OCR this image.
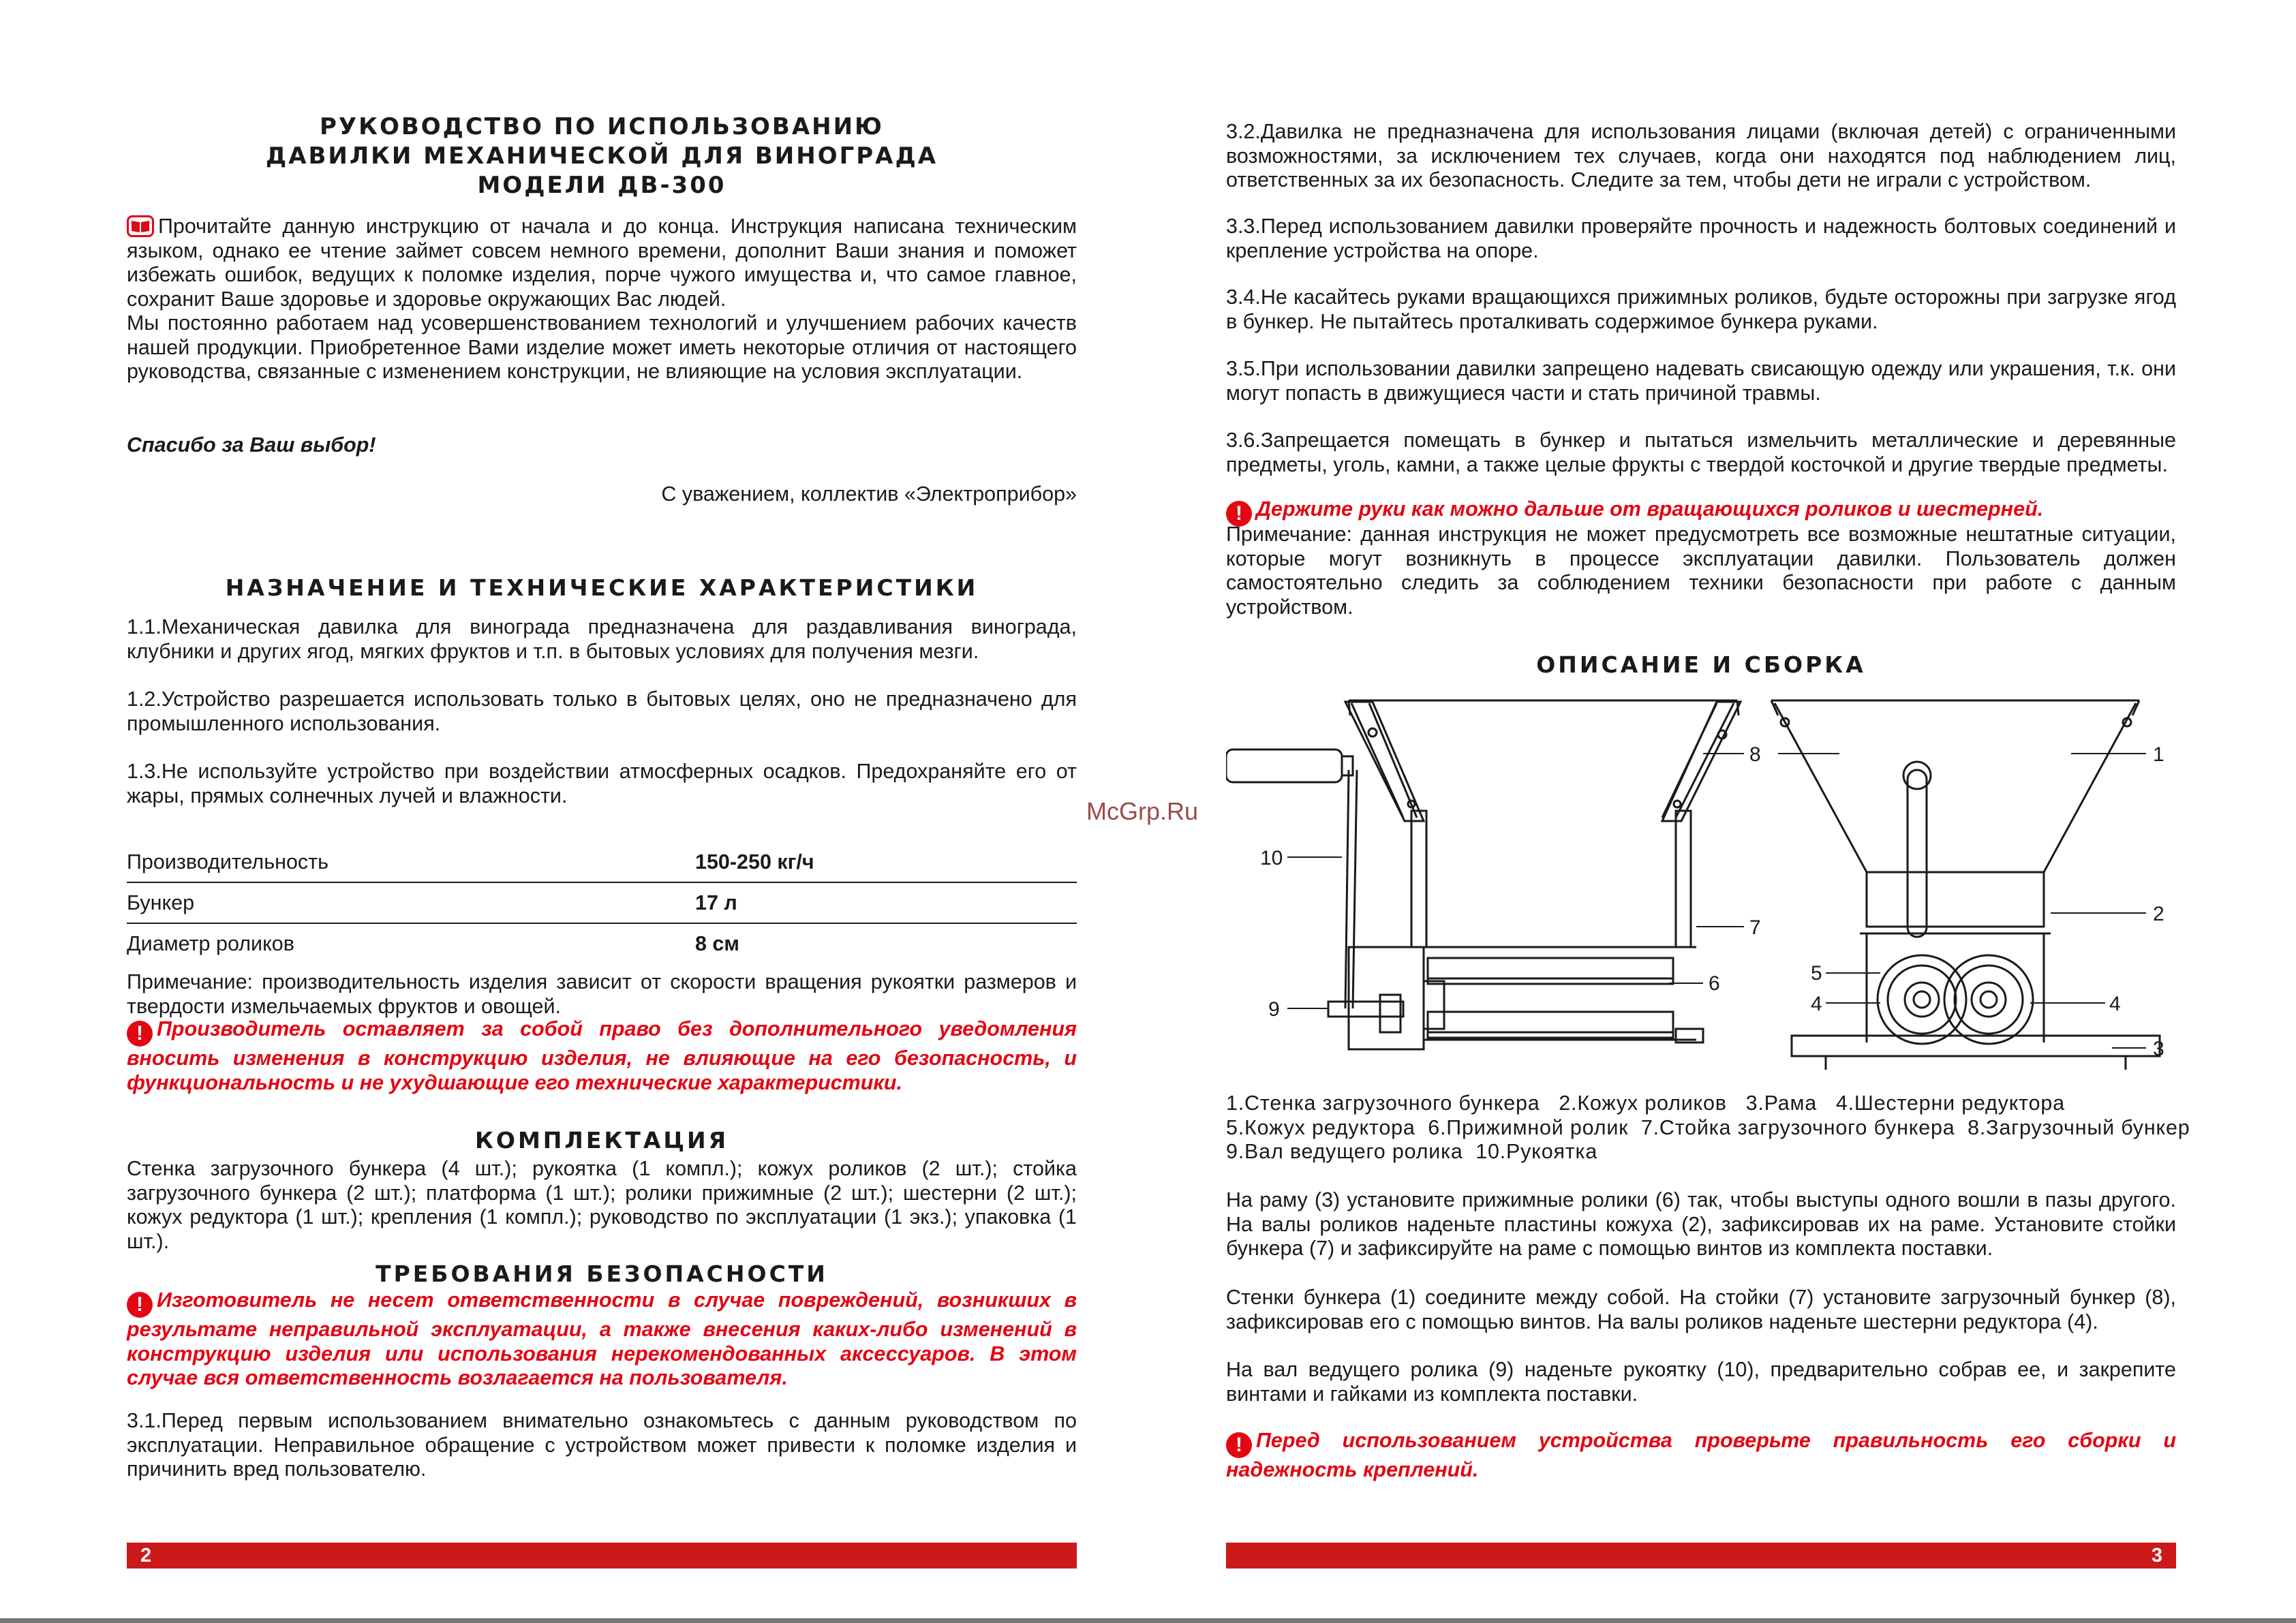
РУКОВОДСТВО ПО ИСПОЛЬЗОВАНИЮ

ДАВИЛКИ МЕХАНИЧЕСКОЙ ДЛЯ ВИНОГРАДА

МОДЕЛИ ДВ-300

Прочитайте данную инструкцию от начала и до конца. Инструкция написана техническим языком, однако ее чтение займет совсем немного времени, дополнит Ваши знания и поможет избежать ошибок, ведущих к поломке изделия, порче чужого имущества и, что самое главное, сохранит Ваше здоровье и здоровье окружающих Вас людей.

Мы постоянно работаем над усовершенствованием технологий и улучшением рабочих качеств нашей продукции. Приобретенное Вами изделие может иметь некоторые отличия от настоящего руководства, связанные с изменением конструкции, не влияющие на условия эксплуатации.

Спасибо за Ваш выбор!

С уважением, коллектив «Электроприбор»

НАЗНАЧЕНИЕ И ТЕХНИЧЕСКИЕ ХАРАКТЕРИСТИКИ

1.1.Механическая давилка для винограда предназначена для раздавливания винограда, клубники и других ягод, мягких фруктов и т.п. в бытовых условиях для получения мезги.

1.2.Устройство разрешается использовать только в бытовых целях, оно не предназначено для промышленного использования.

1.3.Не используйте устройство при воздействии атмосферных осадков. Предохраняйте его от жары, прямых солнечных лучей и влажности.

Производительность	150-250 кг/ч
Бункер	17 л
Диаметр роликов	8 см

Примечание: производительность изделия зависит от скорости вращения рукоятки размеров и твердости измельчаемых фруктов и овощей.

! Производитель оставляет за собой право без дополнительного уведомления вносить изменения в конструкцию изделия, не влияющие на его безопасность, и функциональность и не ухудшающие его технические характеристики.

КОМПЛЕКТАЦИЯ

Стенка загрузочного бункера (4 шт.); рукоятка (1 компл.); кожух роликов (2 шт.); стойка загрузочного бункера (2 шт.); платформа (1 шт.); ролики прижимные (2 шт.); шестерни (2 шт.); кожух редуктора (1 шт.); крепления (1 компл.); руководство по эксплуатации (1 экз.); упаковка (1 шт.).

ТРЕБОВАНИЯ БЕЗОПАСНОСТИ

! Изготовитель не несет ответственности в случае повреждений, возникших в результате неправильной эксплуатации, а также внесения каких-либо изменений в конструкцию изделия или использования нерекомендованных аксессуаров. В этом случае вся ответственность возлагается на пользователя.

3.1.Перед первым использованием внимательно ознакомьтесь с данным руководством по эксплуатации. Неправильное обращение с устройством может привести к поломке изделия и причинить вред пользователю.

2
McGrp.Ru

3.2.Давилка не предназначена для использования лицами (включая детей) с ограниченными возможностями, за исключением тех случаев, когда они находятся под наблюдением лиц, ответственных за их безопасность. Следите за тем, чтобы дети не играли с устройством.

3.3.Перед использованием давилки проверяйте прочность и надежность болтовых соединений и крепление устройства на опоре.

3.4.Не касайтесь руками вращающихся прижимных роликов, будьте осторожны при загрузке ягод в бункер. Не пытайтесь проталкивать содержимое бункера руками.

3.5.При использовании давилки запрещено надевать свисающую одежду или украшения, т.к. они могут попасть в движущиеся части и стать причиной травмы.

3.6.Запрещается помещать в бункер и пытаться измельчить металлические и деревянные предметы, уголь, камни, а также целые фрукты с твердой косточкой и другие твердые предметы.

! Держите руки как можно дальше от вращающихся роликов и шестерней.

Примечание: данная инструкция не может предусмотреть все возможные нештатные ситуации, которые могут возникнуть в процессе эксплуатации давилки. Пользователь должен самостоятельно следить за соблюдением техники безопасности при работе с данным устройством.

ОПИСАНИЕ И СБОРКА

1
2
3
4
4
5
6
7
8
9
10

1.Стенка загрузочного бункера   2.Кожух роликов   3.Рама   4.Шестерни редуктора

5.Кожух редуктора  6.Прижимной ролик  7.Стойка загрузочного бункера  8.Загрузочный бункер

9.Вал ведущего ролика  10.Рукоятка

На раму (3) установите прижимные ролики (6) так, чтобы выступы одного вошли в пазы другого. На валы роликов наденьте пластины кожуха (2), зафиксировав их на раме. Установите стойки бункера (7) и зафиксируйте на раме с помощью винтов из комплекта поставки.

Стенки бункера (1) соедините между собой. На стойки (7) установите загрузочный бункер (8), зафиксировав его с помощью винтов. На валы роликов наденьте шестерни редуктора (4).

На вал ведущего ролика (9) наденьте рукоятку (10), предварительно собрав ее, и закрепите винтами и гайками из комплекта поставки.

! Перед использованием устройства проверьте правильность его сборки и надежность креплений.

3
